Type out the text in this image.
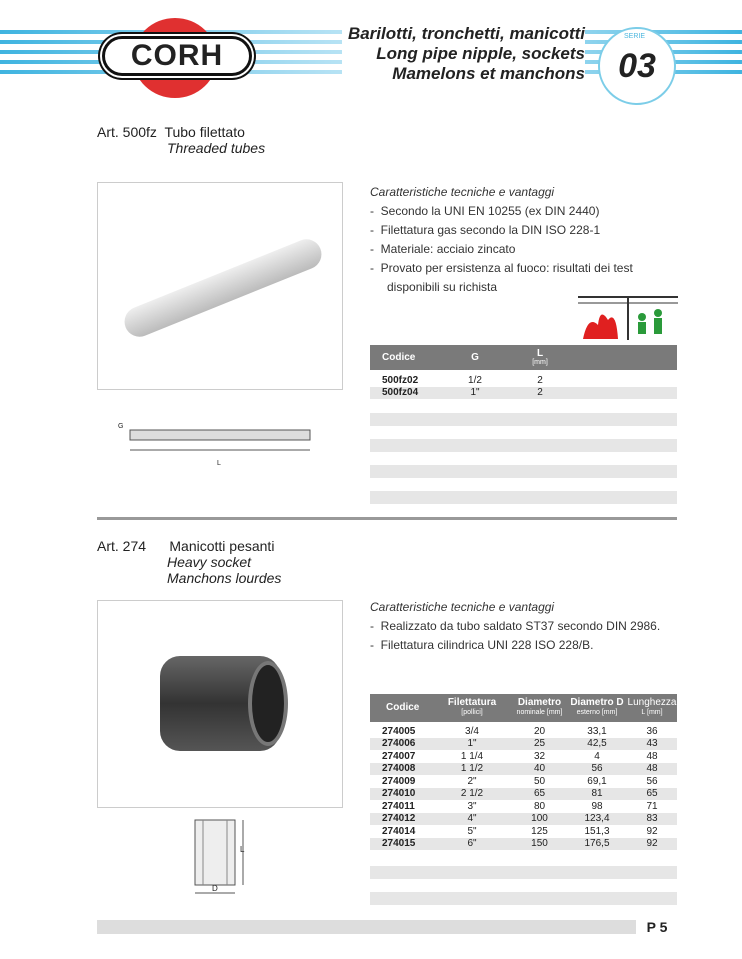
CORH
Barilotti, tronchetti, manicotti
Long pipe nipple, sockets
Mamelons et manchons
SERIE
03
Art. 500fz Tubo filettato
Threaded tubes
G
L
Caratteristiche tecniche e vantaggi
-  Secondo la UNI EN 10255 (ex DIN 2440)
-  Filettatura gas secondo la DIN ISO 228-1
-  Materiale: acciaio zincato
-  Provato per ersistenza al fuoco: risultati dei test disponibili su richista
Codice	G	L
[mm]
500fz02	1/2	2
500fz04	1"	2
Art. 274 Manicotti pesanti
Heavy socket
Manchons lourdes
L
D
Caratteristiche tecniche e vantaggi
-  Realizzato da tubo saldato ST37 secondo DIN 2986.
-  Filettatura cilindrica UNI 228 ISO 228/B.
Codice	Filettatura
[pollici]
Diametro
nominale [mm]
Diametro D
esterno [mm]
Lunghezza
L [mm]
274005	3/4	20	33,1	36
274006	1"	25	42,5	43
274007	1 1/4	32	4	48
274008	1 1/2	40	56	48
274009	2"	50	69,1	56
274010	2 1/2	65	81	65
274011	3"	80	98	71
274012	4"	100	123,4	83
274014	5"	125	151,3	92
274015	6"	150	176,5	92
P 5
